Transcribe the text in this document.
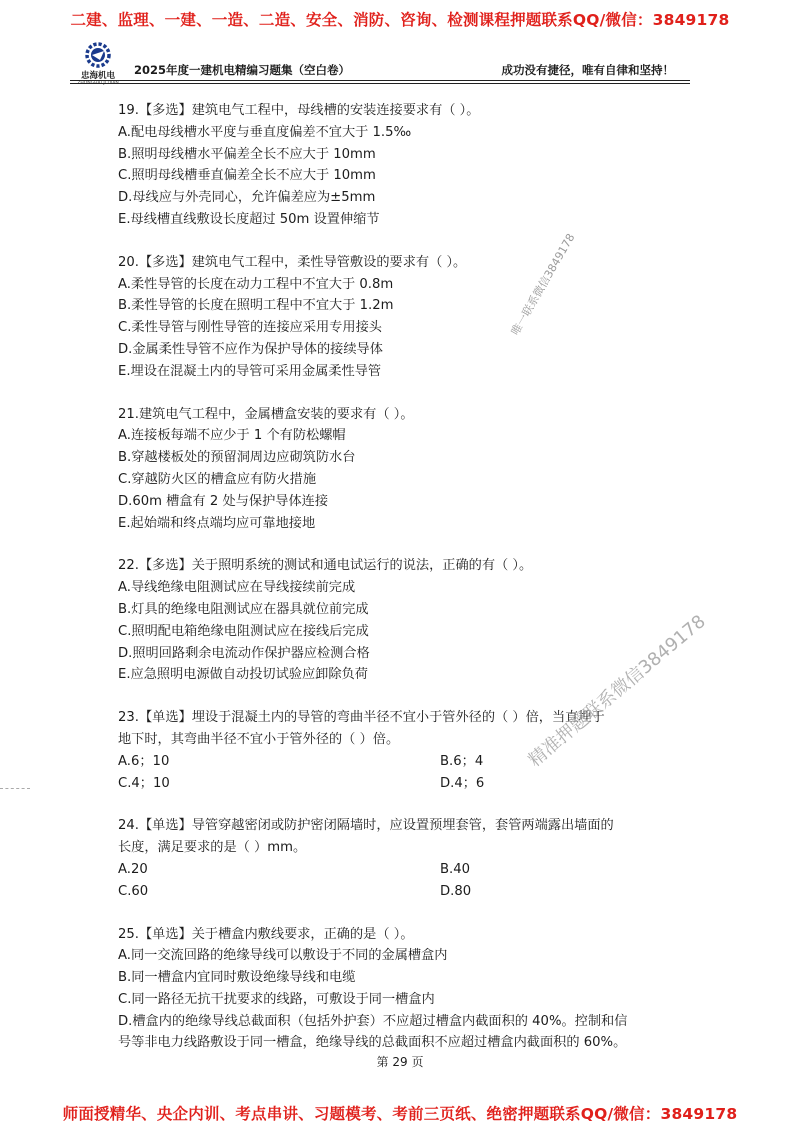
二建、监理、一建、一造、二造、安全、消防、咨询、检测课程押题联系QQ/微信：3849178
忠海机电
ZHONGHAI JI DIAN
2025年度一建机电精编习题集（空白卷）	成功没有捷径，唯有自律和坚持！
19.【多选】建筑电气工程中，母线槽的安装连接要求有（ ）。
A.配电母线槽水平度与垂直度偏差不宜大于 1.5‰
B.照明母线槽水平偏差全长不应大于 10mm
C.照明母线槽垂直偏差全长不应大于 10mm
D.母线应与外壳同心，允许偏差应为±5mm
E.母线槽直线敷设长度超过 50m 设置伸缩节
20.【多选】建筑电气工程中，柔性导管敷设的要求有（ ）。
A.柔性导管的长度在动力工程中不宜大于 0.8m
B.柔性导管的长度在照明工程中不宜大于 1.2m
C.柔性导管与刚性导管的连接应采用专用接头
D.金属柔性导管不应作为保护导体的接续导体
E.埋设在混凝土内的导管可采用金属柔性导管
21.建筑电气工程中，金属槽盒安装的要求有（ ）。
A.连接板每端不应少于 1 个有防松螺帽
B.穿越楼板处的预留洞周边应砌筑防水台
C.穿越防火区的槽盒应有防火措施
D.60m 槽盒有 2 处与保护导体连接
E.起始端和终点端均应可靠地接地
22.【多选】关于照明系统的测试和通电试运行的说法，正确的有（ ）。
A.导线绝缘电阻测试应在导线接续前完成
B.灯具的绝缘电阻测试应在器具就位前完成
C.照明配电箱绝缘电阻测试应在接线后完成
D.照明回路剩余电流动作保护器应检测合格
E.应急照明电源做自动投切试验应卸除负荷
23.【单选】埋设于混凝土内的导管的弯曲半径不宜小于管外径的（ ）倍，当直埋于
地下时，其弯曲半径不宜小于管外径的（ ）倍。
A.6；10	B.6；4
C.4；10	D.4；6
24.【单选】导管穿越密闭或防护密闭隔墙时，应设置预埋套管，套管两端露出墙面的
长度，满足要求的是（ ）mm。
A.20	B.40
C.60	D.80
25.【单选】关于槽盒内敷线要求，正确的是（ ）。
A.同一交流回路的绝缘导线可以敷设于不同的金属槽盒内
B.同一槽盒内宜同时敷设绝缘导线和电缆
C.同一路径无抗干扰要求的线路，可敷设于同一槽盒内
D.槽盒内的绝缘导线总截面积（包括外护套）不应超过槽盒内截面积的 40%。控制和信
号等非电力线路敷设于同一槽盒，绝缘导线的总截面积不应超过槽盒内截面积的 60%。
唯一联系微信3849178
精准押题联系微信3849178
第 29 页
师面授精华、央企内训、考点串讲、习题模考、考前三页纸、绝密押题联系QQ/微信：3849178
